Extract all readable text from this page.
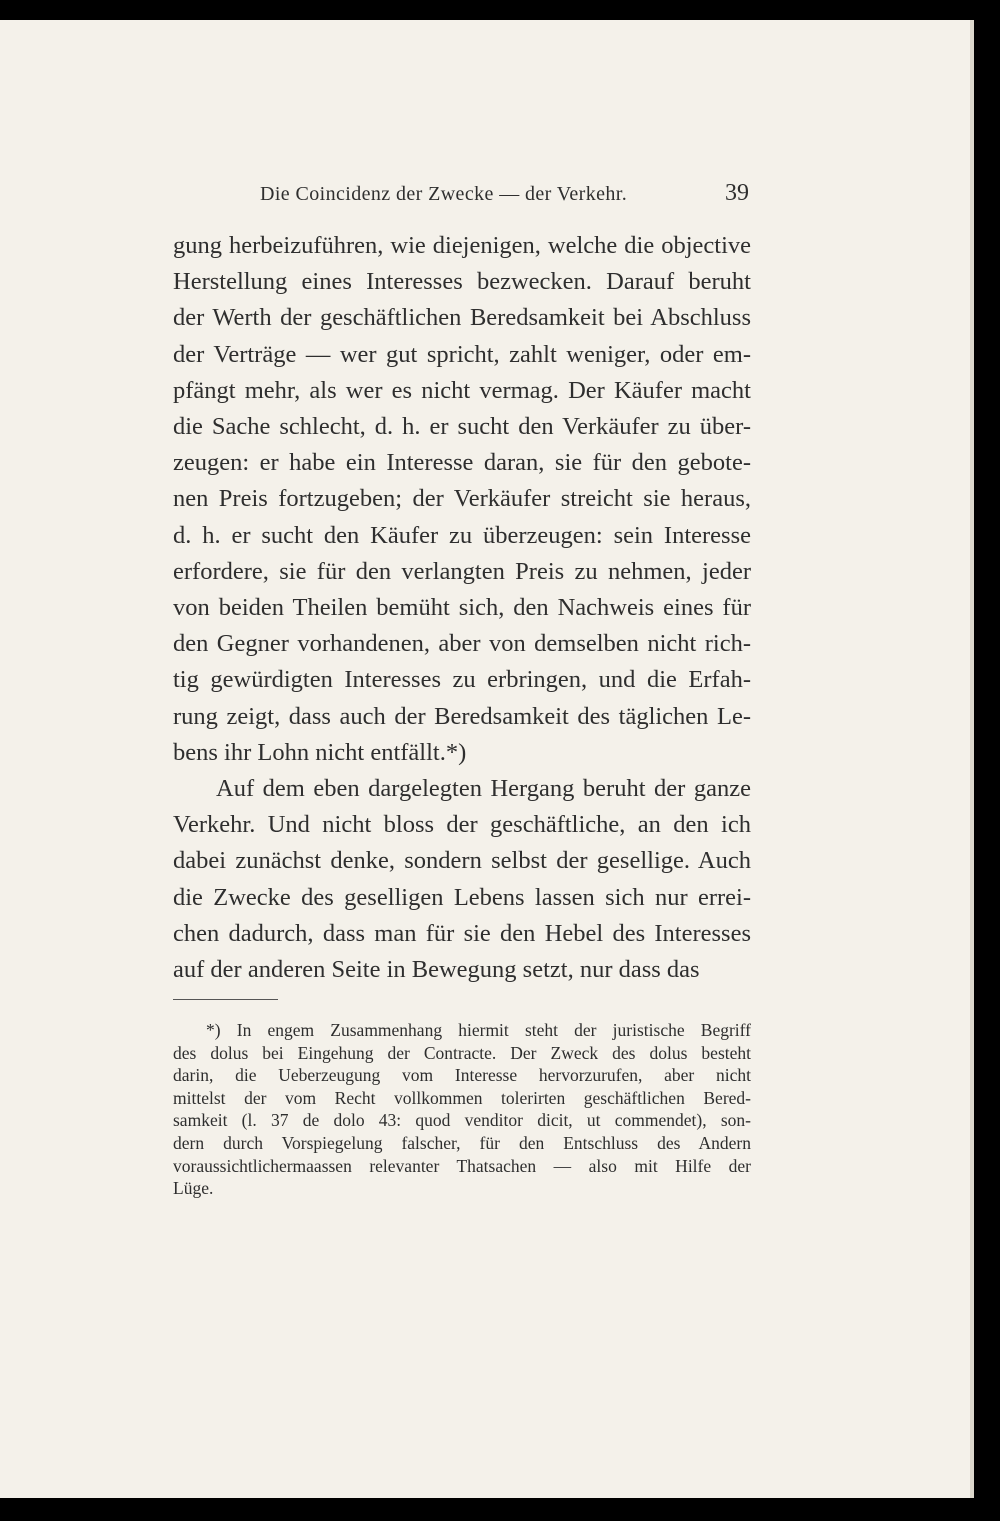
Die Coincidenz der Zwecke — der Verkehr.	39
gung herbeizuführen, wie diejenigen, welche die objective
Herstellung eines Interesses bezwecken. Darauf beruht
der Werth der geschäftlichen Beredsamkeit bei Abschluss
der Verträge — wer gut spricht, zahlt weniger, oder em-
pfängt mehr, als wer es nicht vermag. Der Käufer macht
die Sache schlecht, d. h. er sucht den Verkäufer zu über-
zeugen: er habe ein Interesse daran, sie für den gebote-
nen Preis fortzugeben; der Verkäufer streicht sie heraus,
d. h. er sucht den Käufer zu überzeugen: sein Interesse
erfordere, sie für den verlangten Preis zu nehmen, jeder
von beiden Theilen bemüht sich, den Nachweis eines für
den Gegner vorhandenen, aber von demselben nicht rich-
tig gewürdigten Interesses zu erbringen, und die Erfah-
rung zeigt, dass auch der Beredsamkeit des täglichen Le-
bens ihr Lohn nicht entfällt.*)
Auf dem eben dargelegten Hergang beruht der ganze
Verkehr. Und nicht bloss der geschäftliche, an den ich
dabei zunächst denke, sondern selbst der gesellige. Auch
die Zwecke des geselligen Lebens lassen sich nur errei-
chen dadurch, dass man für sie den Hebel des Interesses
auf der anderen Seite in Bewegung setzt, nur dass das
*) In engem Zusammenhang hiermit steht der juristische Begriff
des dolus bei Eingehung der Contracte. Der Zweck des dolus besteht
darin, die Ueberzeugung vom Interesse hervorzurufen, aber nicht
mittelst der vom Recht vollkommen tolerirten geschäftlichen Bered-
samkeit (l. 37 de dolo 43: quod venditor dicit, ut commendet), son-
dern durch Vorspiegelung falscher, für den Entschluss des Andern
voraussichtlichermaassen relevanter Thatsachen — also mit Hilfe der
Lüge.
